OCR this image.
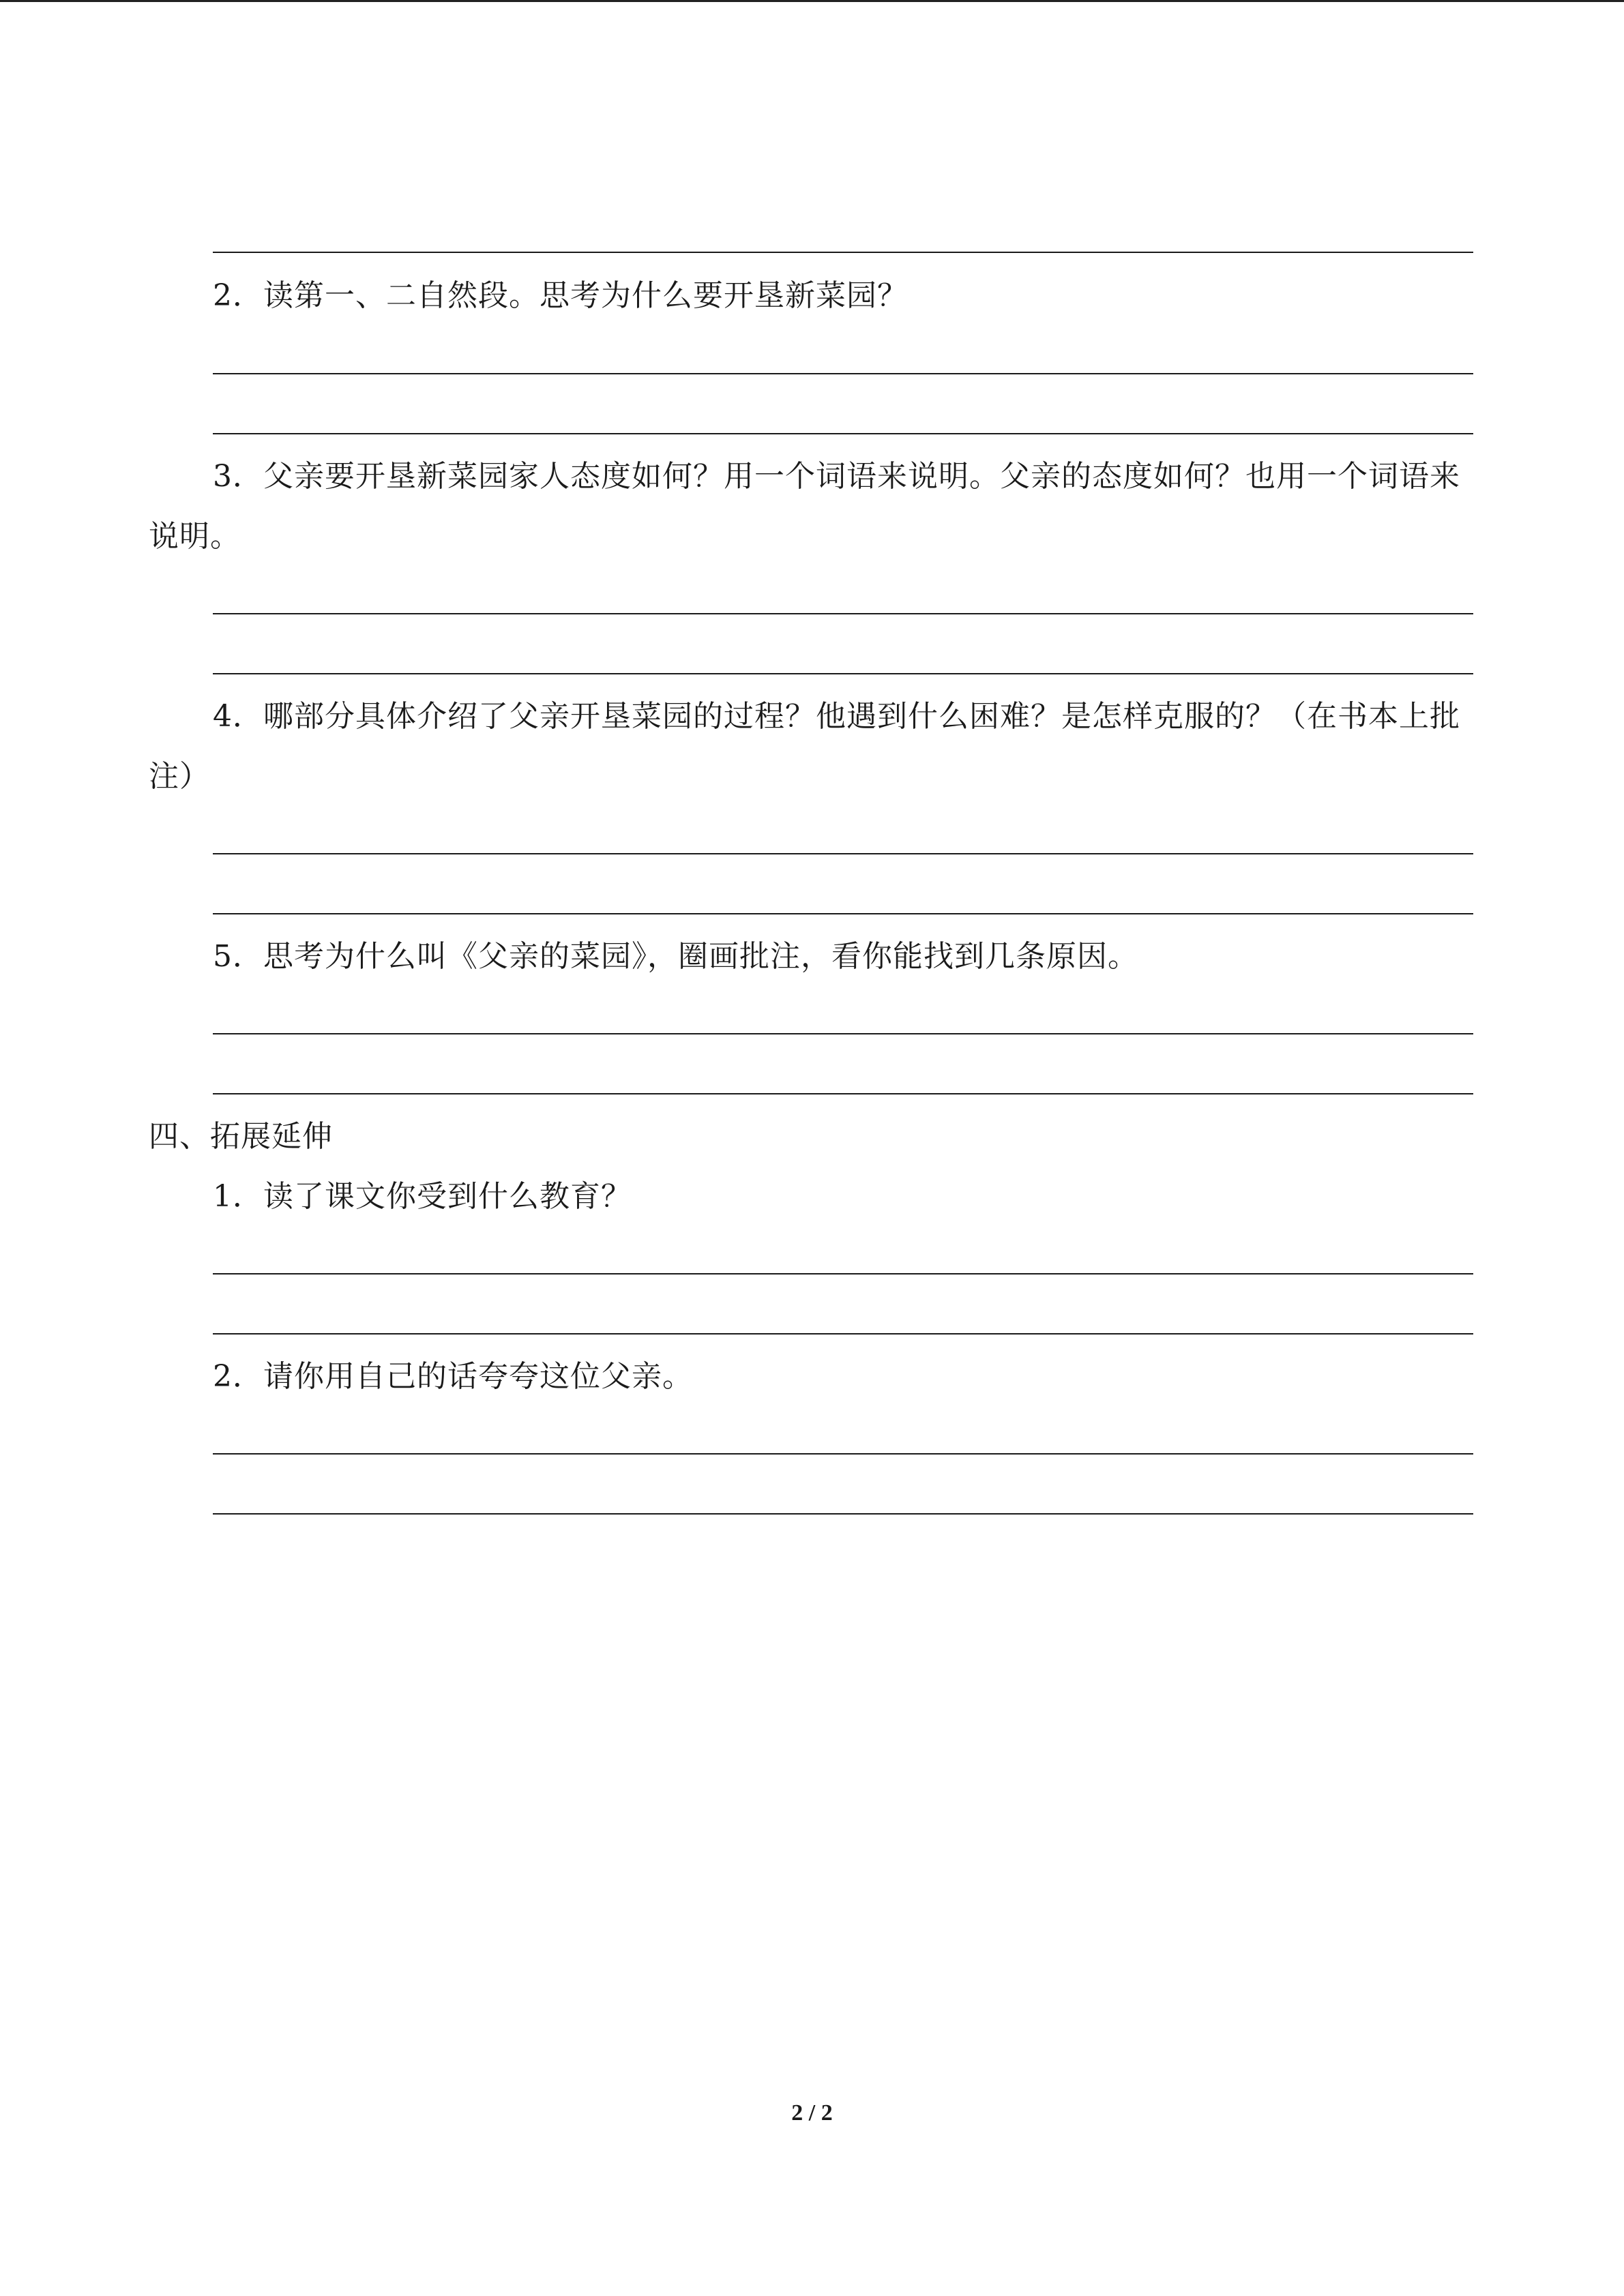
2．读第一、二自然段。思考为什么要开垦新菜园？
3．父亲要开垦新菜园家人态度如何？用一个词语来说明。父亲的态度如何？也用一个词语来说明。
4．哪部分具体介绍了父亲开垦菜园的过程？他遇到什么困难？是怎样克服的？（在书本上批注）
5．思考为什么叫《父亲的菜园》，圈画批注，看你能找到几条原因。
四、拓展延伸
1．读了课文你受到什么教育？
2．请你用自己的话夸夸这位父亲。
2 / 2
